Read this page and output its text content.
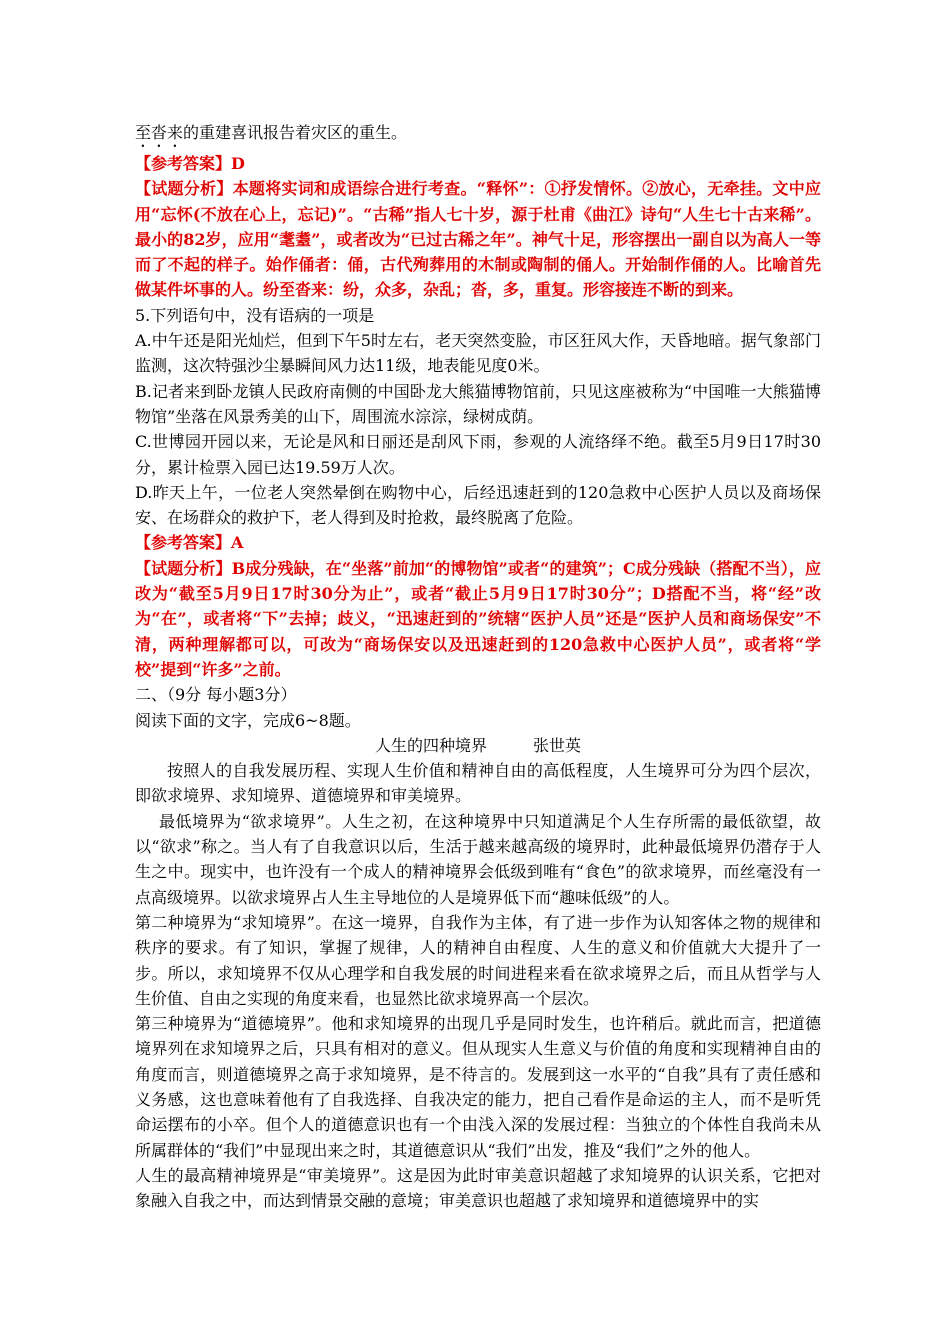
至沓来的重建喜讯报告着灾区的重生。

【参考答案】D

【试题分析】本题将实词和成语综合进行考查。“释怀”：①抒发情怀。②放心，无牵挂。文中应用“忘怀(不放在心上，忘记)”。“古稀”指人七十岁，源于杜甫《曲江》诗句“人生七十古来稀”。最小的82岁，应用“耄耋”，或者改为“已过古稀之年”。神气十足，形容摆出一副自以为高人一等而了不起的样子。始作俑者：俑，古代殉葬用的木制或陶制的俑人。开始制作俑的人。比喻首先做某件坏事的人。纷至沓来：纷，众多，杂乱；沓，多，重复。形容接连不断的到来。

5.下列语句中，没有语病的一项是

A.中午还是阳光灿烂，但到下午5时左右，老天突然变脸，市区狂风大作，天昏地暗。据气象部门监测，这次特强沙尘暴瞬间风力达11级，地表能见度0米。

B.记者来到卧龙镇人民政府南侧的中国卧龙大熊猫博物馆前，只见这座被称为“中国唯一大熊猫博物馆”坐落在风景秀美的山下，周围流水淙淙，绿树成荫。

C.世博园开园以来，无论是风和日丽还是刮风下雨，参观的人流络绎不绝。截至5月9日17时30分，累计检票入园已达19.59万人次。

D.昨天上午，一位老人突然晕倒在购物中心，后经迅速赶到的120急救中心医护人员以及商场保安、在场群众的救护下，老人得到及时抢救，最终脱离了危险。

【参考答案】A

【试题分析】B成分残缺，在“坐落”前加“的博物馆”或者“的建筑”；C成分残缺（搭配不当），应改为“截至5月9日17时30分为止”，或者“截止5月9日17时30分”；D搭配不当，将“经”改为“在”，或者将“下”去掉；歧义，“迅速赶到的”统辖“医护人员”还是“医护人员和商场保安”不清，两种理解都可以，可改为“商场保安以及迅速赶到的120急救中心医护人员”，或者将“学校”提到“许多”之前。

二、（9分 每小题3分）

阅读下面的文字，完成6~8题。

人生的四种境界	张世英

按照人的自我发展历程、实现人生价值和精神自由的高低程度，人生境界可分为四个层次，即欲求境界、求知境界、道德境界和审美境界。

最低境界为“欲求境界”。人生之初，在这种境界中只知道满足个人生存所需的最低欲望，故以“欲求”称之。当人有了自我意识以后，生活于越来越高级的境界时，此种最低境界仍潜存于人生之中。现实中，也许没有一个成人的精神境界会低级到唯有“食色”的欲求境界，而丝毫没有一点高级境界。以欲求境界占人生主导地位的人是境界低下而“趣味低级”的人。

第二种境界为“求知境界”。在这一境界，自我作为主体，有了进一步作为认知客体之物的规律和秩序的要求。有了知识，掌握了规律，人的精神自由程度、人生的意义和价值就大大提升了一步。所以，求知境界不仅从心理学和自我发展的时间进程来看在欲求境界之后，而且从哲学与人生价值、自由之实现的角度来看，也显然比欲求境界高一个层次。

第三种境界为“道德境界”。他和求知境界的出现几乎是同时发生，也许稍后。就此而言，把道德境界列在求知境界之后，只具有相对的意义。但从现实人生意义与价值的角度和实现精神自由的角度而言，则道德境界之高于求知境界，是不待言的。发展到这一水平的“自我”具有了责任感和义务感，这也意味着他有了自我选择、自我决定的能力，把自己看作是命运的主人，而不是听凭命运摆布的小卒。但个人的道德意识也有一个由浅入深的发展过程：当独立的个体性自我尚未从所属群体的“我们”中显现出来之时，其道德意识从“我们”出发，推及“我们”之外的他人。

人生的最高精神境界是“审美境界”。这是因为此时审美意识超越了求知境界的认识关系，它把对象融入自我之中，而达到情景交融的意境；审美意识也超越了求知境界和道德境界中的实
